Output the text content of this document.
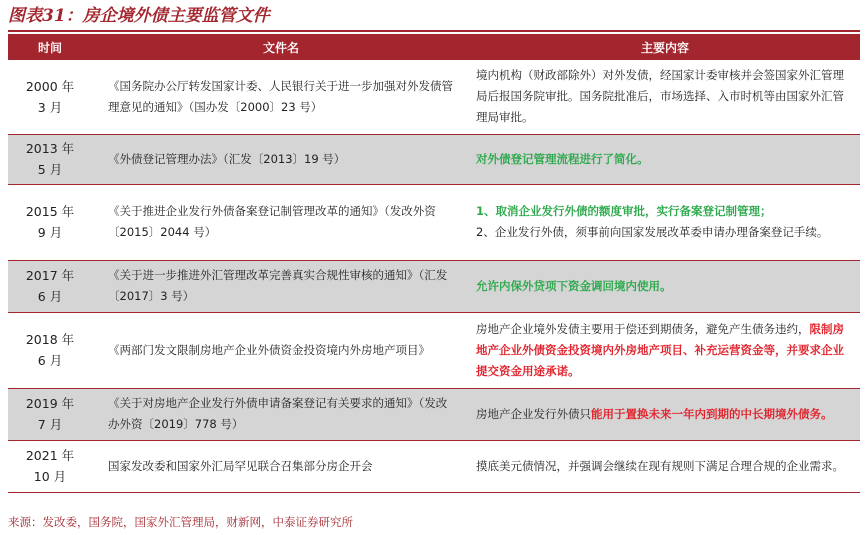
图表31：房企境外债主要监管文件
时间	文件名	主要内容

2000 年
3 月	《国务院办公厅转发国家计委、人民银行关于进一步加强对外发债管理意见的通知》（国办发〔2000〕23 号）	境内机构（财政部除外）对外发债，经国家计委审核并会签国家外汇管理局后报国务院审批。国务院批准后，市场选择、入市时机等由国家外汇管理局审批。

2013 年
5 月	《外债登记管理办法》（汇发〔2013〕19 号）	对外债登记管理流程进行了简化。

2015 年
9 月	《关于推进企业发行外债备案登记制管理改革的通知》（发改外资〔2015〕2044 号）	1、取消企业发行外债的额度审批，实行备案登记制管理；
2、企业发行外债，须事前向国家发展改革委申请办理备案登记手续。

2017 年
6 月	《关于进一步推进外汇管理改革完善真实合规性审核的通知》（汇发〔2017〕3 号）	允许内保外贷项下资金调回境内使用。

2018 年
6 月	《两部门发文限制房地产企业外债资金投资境内外房地产项目》	房地产企业境外发债主要用于偿还到期债务，避免产生债务违约，限制房地产企业外债资金投资境内外房地产项目、补充运营资金等，并要求企业提交资金用途承诺。

2019 年
7 月	《关于对房地产企业发行外债申请备案登记有关要求的通知》（发改办外资〔2019〕778 号）	房地产企业发行外债只能用于置换未来一年内到期的中长期境外债务。

2021 年
10 月	国家发改委和国家外汇局罕见联合召集部分房企开会	摸底美元债情况，并强调会继续在现有规则下满足合理合规的企业需求。
来源：发改委，国务院，国家外汇管理局，财新网，中泰证券研究所
